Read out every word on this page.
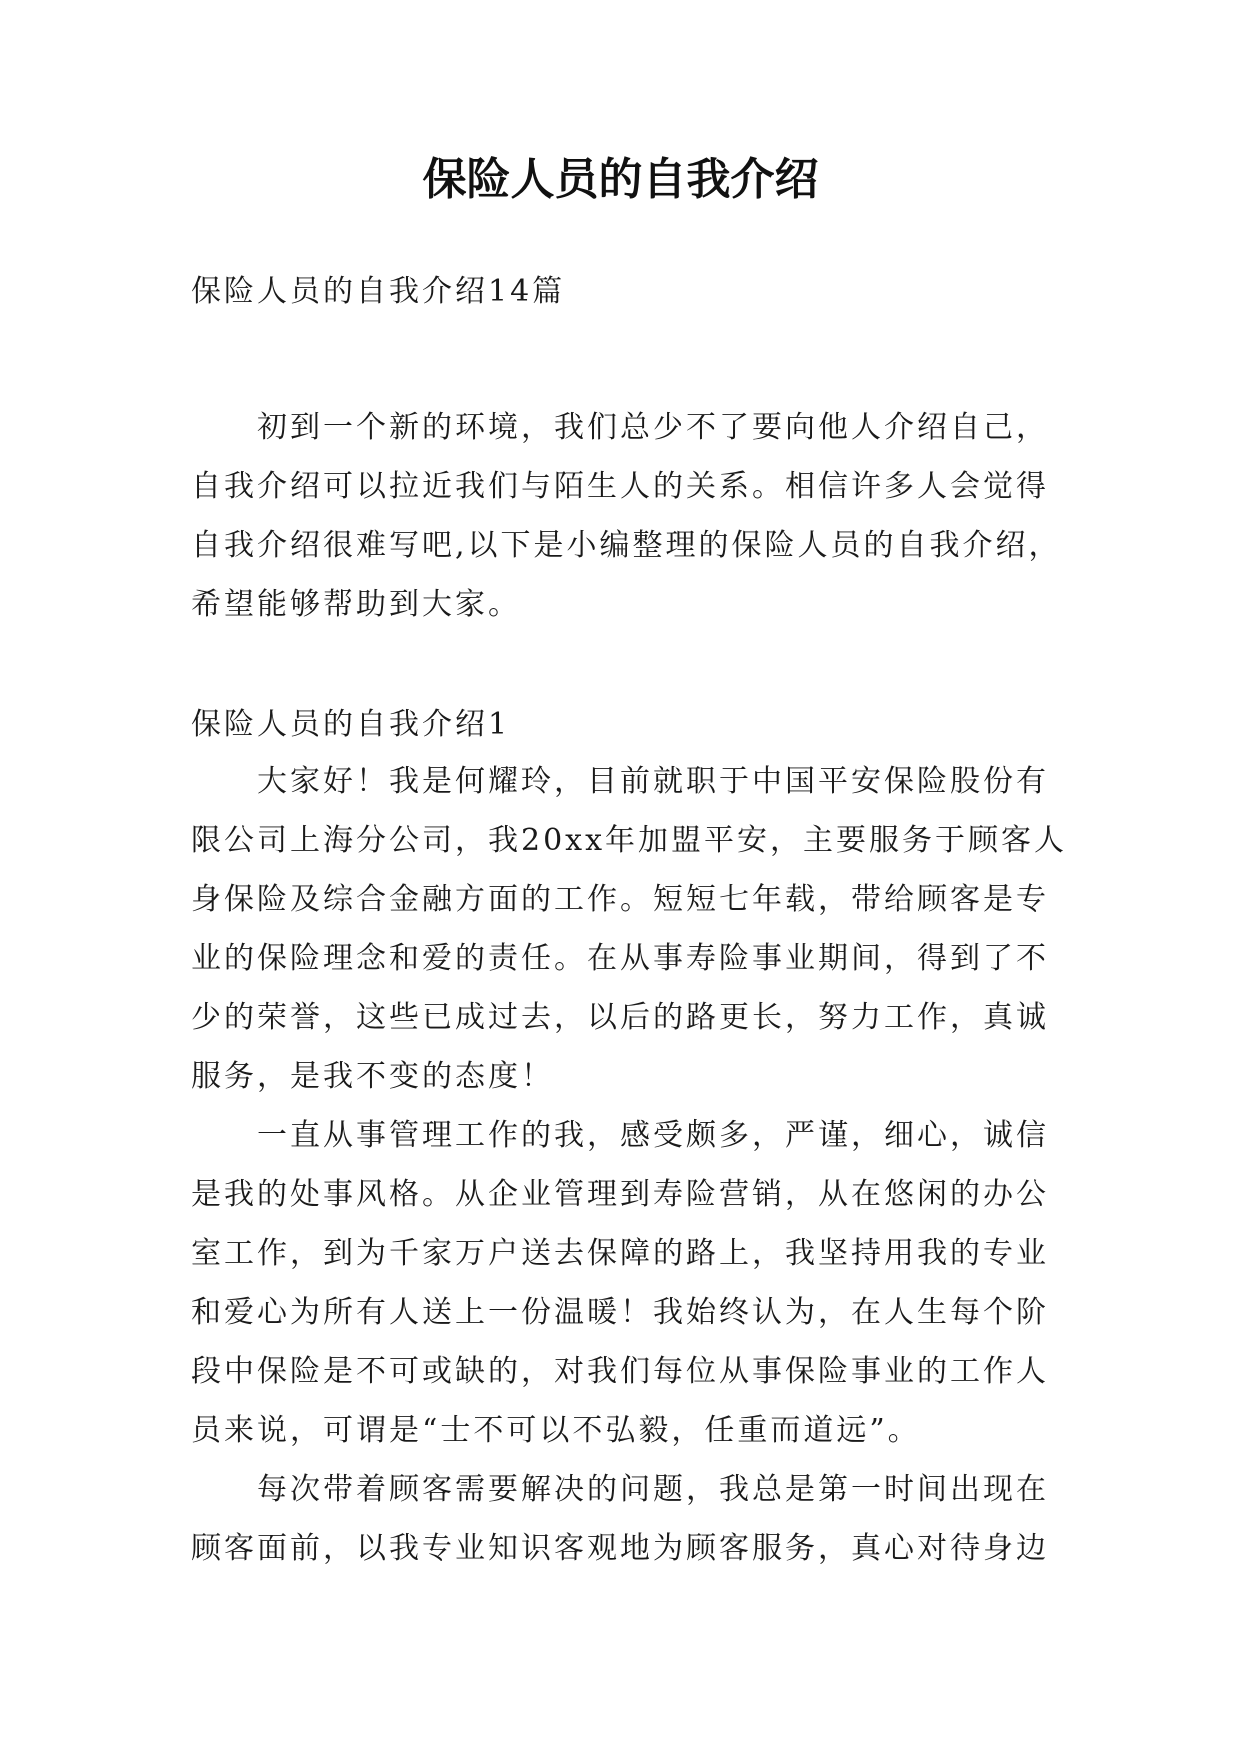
保险人员的自我介绍

保险人员的自我介绍14篇

初到一个新的环境，我们总少不了要向他人介绍自己，自我介绍可以拉近我们与陌生人的关系。相信许多人会觉得自我介绍很难写吧,以下是小编整理的保险人员的自我介绍，希望能够帮助到大家。

保险人员的自我介绍1

大家好！我是何耀玲，目前就职于中国平安保险股份有限公司上海分公司，我20xx年加盟平安，主要服务于顾客人身保险及综合金融方面的工作。短短七年载，带给顾客是专业的保险理念和爱的责任。在从事寿险事业期间，得到了不少的荣誉，这些已成过去，以后的路更长，努力工作，真诚服务，是我不变的态度！

一直从事管理工作的我，感受颇多，严谨，细心，诚信是我的处事风格。从企业管理到寿险营销，从在悠闲的办公室工作，到为千家万户送去保障的路上，我坚持用我的专业和爱心为所有人送上一份温暖！我始终认为，在人生每个阶段中保险是不可或缺的，对我们每位从事保险事业的工作人员来说，可谓是“士不可以不弘毅，任重而道远”。

每次带着顾客需要解决的问题，我总是第一时间出现在顾客面前，以我专业知识客观地为顾客服务，真心对待身边
